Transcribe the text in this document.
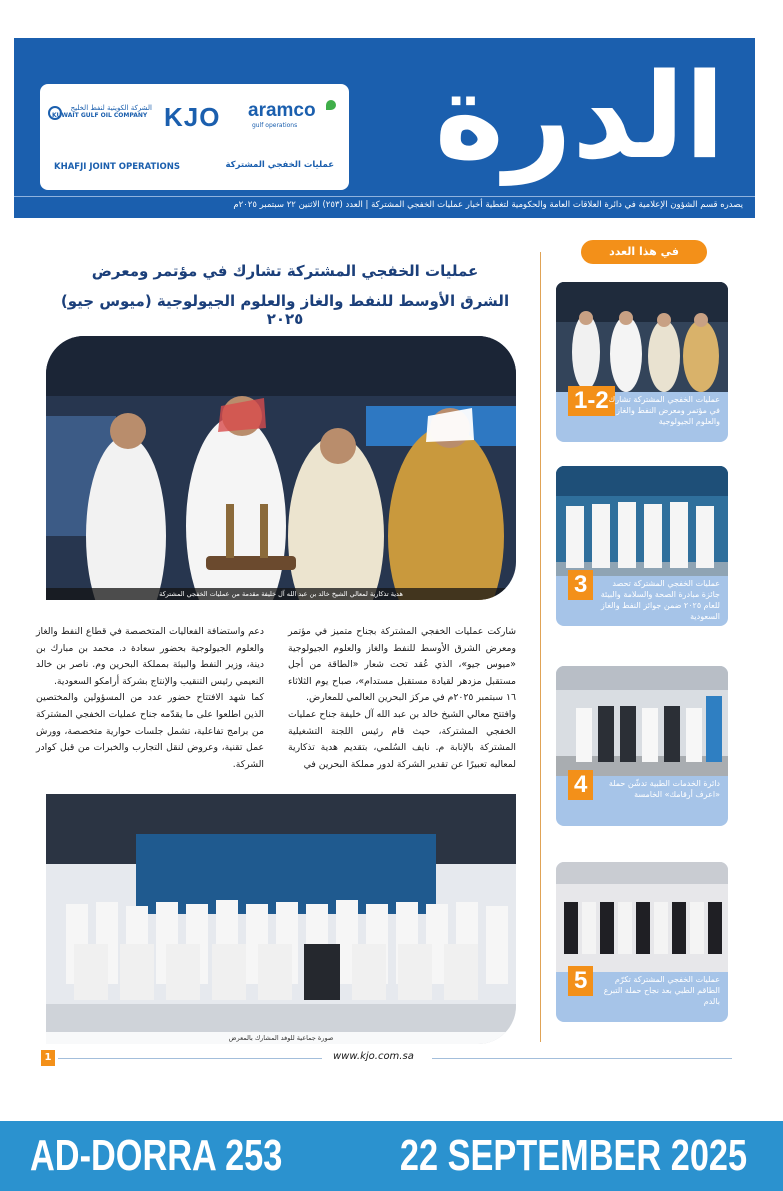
الدرة
الشركة الكويتية لنفط الخليج
KUWAIT GULF OIL COMPANY KJO aramco
gulf operations
KHAFJI JOINT OPERATIONS	عمليات الخفجي المشتركة
يصدره قسم الشؤون الإعلامية في دائرة العلاقات العامة والحكومية لتغطية أخبار عمليات الخفجي المشتركة | العدد (٢٥٣) الاثنين ٢٢ سبتمبر ٢٠٢٥م
في هذا العدد
1-2 عمليات الخفجي المشتركة تشارك في مؤتمر ومعرض النفط والغاز والعلوم الجيولوجية
3	عمليات الخفجي المشتركة تحصد جائزة مبادرة الصحة والسلامة والبيئة للعام ٢٠٢٥ ضمن جوائز النفط والغاز السعودية
4	دائرة الخدمات الطبية تدشّن حملة «اعرف أرقامك» الخامسة
5	عمليات الخفجي المشتركة تكرّم الطاقم الطبي بعد نجاح حملة التبرع بالدم
عمليات الخفجي المشتركة تشارك في مؤتمر ومعرض
الشرق الأوسط للنفط والغاز والعلوم الجيولوجية (ميوس جيو) ٢٠٢٥
هدية تذكارية لمعالي الشيخ خالد بن عبد الله آل خليفة مقدمة من عمليات الخفجي المشتركة

شاركت عمليات الخفجي المشتركة بجناح متميز في مؤتمر ومعرض الشرق الأوسط للنفط والغاز والعلوم الجيولوجية «ميوس جيو»، الذي عُقد تحت شعار «الطاقة من أجل مستقبل مزدهر لقيادة مستقبل مستدام»، صباح يوم الثلاثاء ١٦ سبتمبر ٢٠٢٥م في مركز البحرين العالمي للمعارض.

وافتتح معالي الشيخ خالد بن عبد الله آل خليفة جناح عمليات الخفجي المشتركة، حيث قام رئيس اللجنة التشغيلية المشتركة بالإنابة م. نايف السُلمي، بتقديم هدية تذكارية لمعاليه تعبيرًا عن تقدير الشركة لدور مملكة البحرين في

دعم واستضافة الفعاليات المتخصصة في قطاع النفط والغاز والعلوم الجيولوجية بحضور سعادة د. محمد بن مبارك بن دينة، وزير النفط والبيئة بمملكة البحرين وم. ناصر بن خالد النعيمي رئيس التنقيب والإنتاج بشركة أرامكو السعودية.

كما شهد الافتتاح حضور عدد من المسؤولين والمختصين الذين اطلعوا على ما يقدّمه جناح عمليات الخفجي المشتركة من برامج تفاعلية، تشمل جلسات حوارية متخصصة، وورش عمل تقنية، وعروض لنقل التجارب والخبرات من قبل كوادر الشركة.

صورة جماعية للوفد المشارك بالمعرض
1	www.kjo.com.sa
AD-DORRA 253	22 SEPTEMBER 2025
